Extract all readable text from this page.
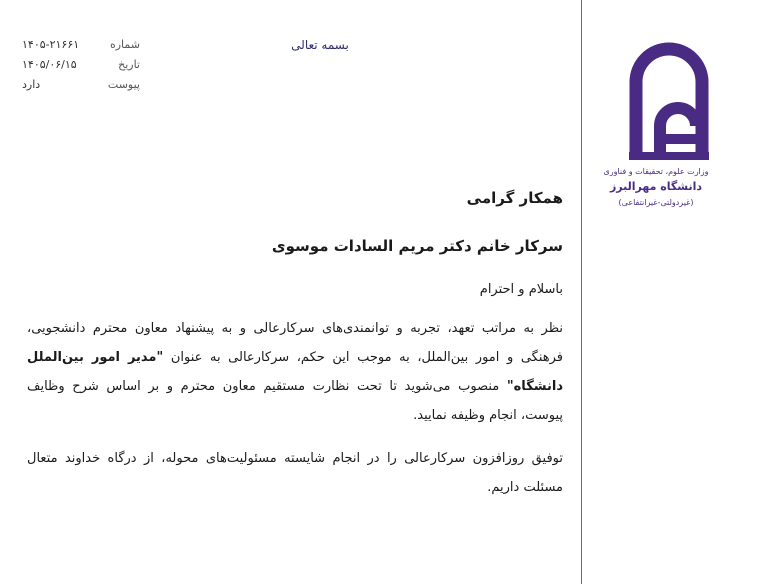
شماره
۱۴۰۵-۲۱۶۶۱
تاریخ
۱۴۰۵/۰۶/۱۵
پیوست
دارد
بسمه تعالی
۱۳۹۳
وزارت علوم، تحقیقات و فناوری
دانشگاه مهرالبرز
(غیردولتی-غیرانتفاعی)

همکار گرامی

سرکار خانم دکتر مریم السادات موسوی

باسلام و احترام

نظر به مراتب تعهد، تجربه و توانمندی‌های سرکارعالی و به پیشنهاد معاون محترم دانشجویی، فرهنگی و امور بین‌الملل، به موجب این حکم، سرکارعالی به عنوان "مدیر امور بین‌الملل دانشگاه" منصوب می‌شوید تا تحت نظارت مستقیم معاون محترم و بر اساس شرح وظایف پیوست، انجام وظیفه نمایید.

توفیق روزافزون سرکارعالی را در انجام شایسته مسئولیت‌های محوله، از درگاه خداوند متعال مسئلت داریم.
